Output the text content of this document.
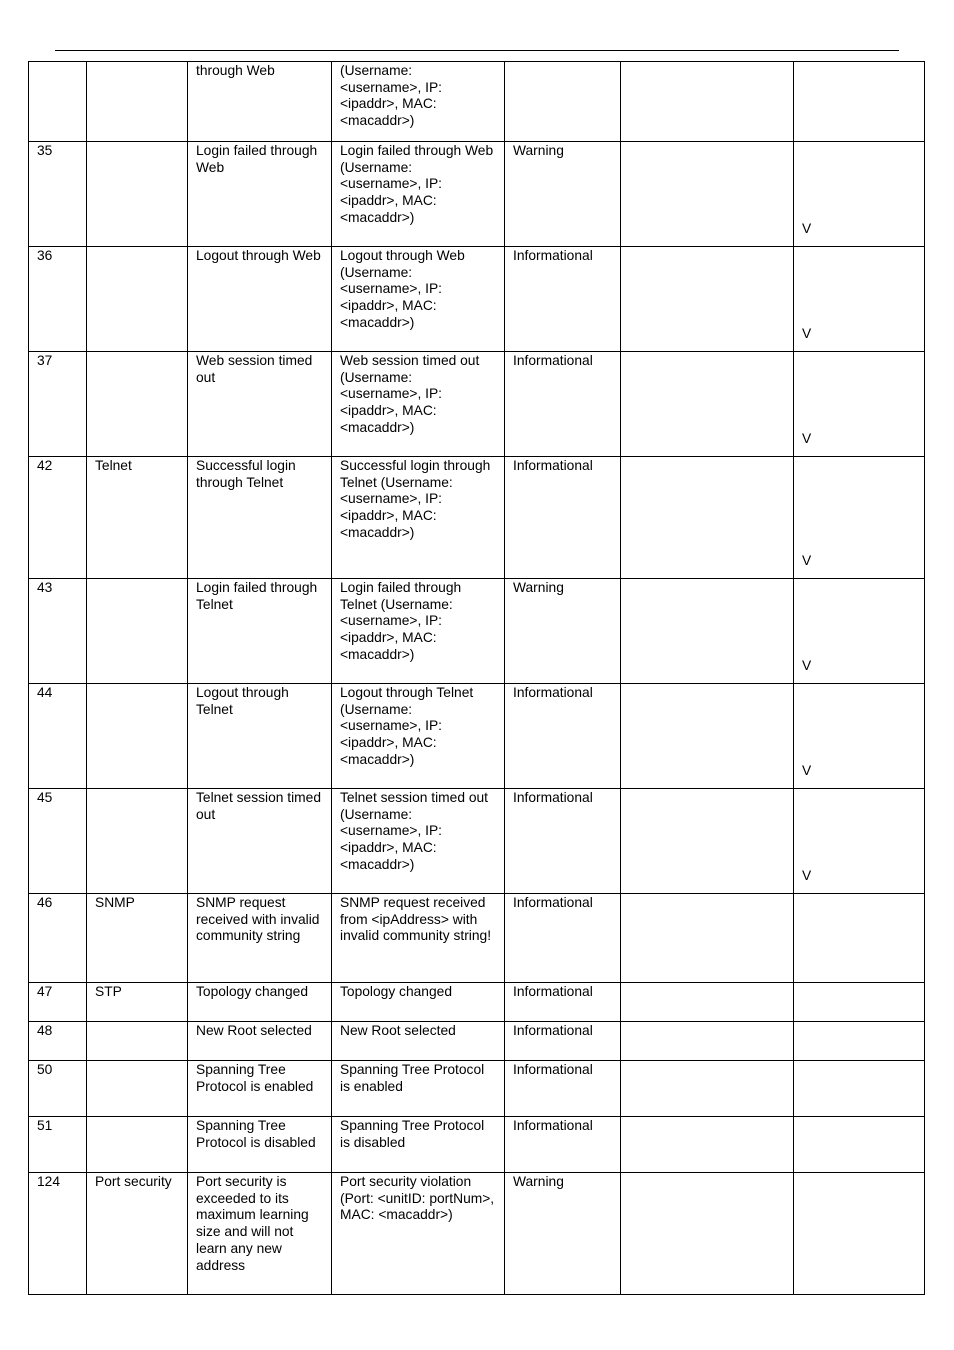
		through Web	(Username: <username>, IP: <ipaddr>, MAC: <macaddr>)			
35		Login failed through Web	Login failed through Web (Username: <username>, IP: <ipaddr>, MAC: <macaddr>)	Warning		V
36		Logout through Web	Logout through Web (Username: <username>, IP: <ipaddr>, MAC: <macaddr>)	Informational		V
37		Web session timed out	Web session timed out (Username: <username>, IP: <ipaddr>, MAC: <macaddr>)	Informational		V
42	Telnet	Successful login through Telnet	Successful login through Telnet (Username: <username>, IP: <ipaddr>, MAC: <macaddr>)	Informational		V
43		Login failed through Telnet	Login failed through Telnet (Username: <username>, IP: <ipaddr>, MAC: <macaddr>)	Warning		V
44		Logout through Telnet	Logout through Telnet (Username: <username>, IP: <ipaddr>, MAC: <macaddr>)	Informational		V
45		Telnet session timed out	Telnet session timed out (Username: <username>, IP: <ipaddr>, MAC: <macaddr>)	Informational		V
46	SNMP	SNMP request received with invalid community string	SNMP request received from <ipAddress> with invalid community string!	Informational		
47	STP	Topology changed	Topology changed	Informational		
48		New Root selected	New Root selected	Informational		
50		Spanning Tree Protocol is enabled	Spanning Tree Protocol is enabled	Informational		
51		Spanning Tree Protocol is disabled	Spanning Tree Protocol is disabled	Informational		
124	Port security	Port security is exceeded to its maximum learning size and will not learn any new address	Port security violation (Port: <unitID: portNum>, MAC: <macaddr>)	Warning		
